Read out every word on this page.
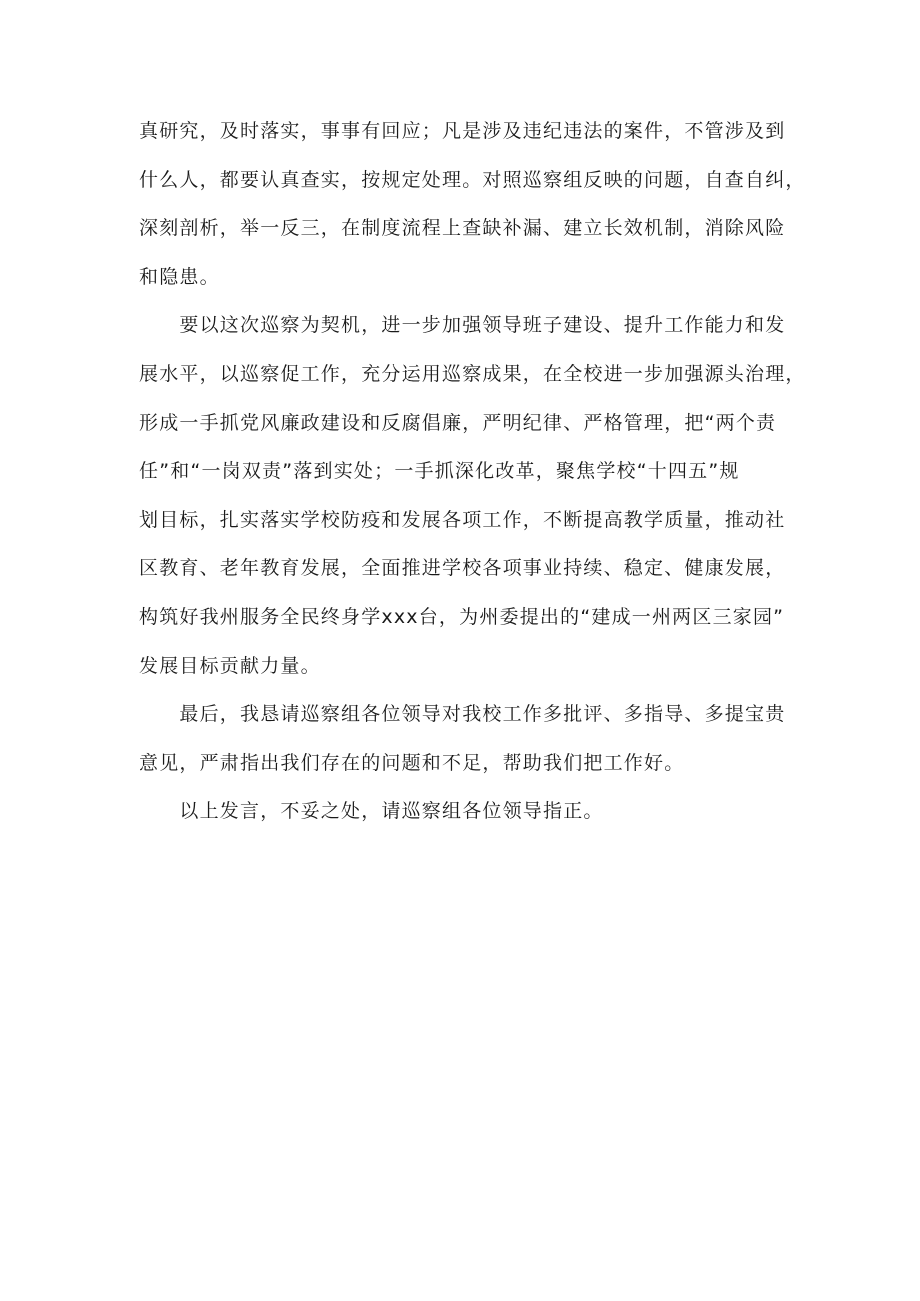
真研究，及时落实，事事有回应；凡是涉及违纪违法的案件，不管涉及到
什么人，都要认真查实，按规定处理。对照巡察组反映的问题，自查自纠，
深刻剖析，举一反三，在制度流程上查缺补漏、建立长效机制，消除风险
和隐患。
　　要以这次巡察为契机，进一步加强领导班子建设、提升工作能力和发
展水平，以巡察促工作，充分运用巡察成果，在全校进一步加强源头治理，
形成一手抓党风廉政建设和反腐倡廉，严明纪律、严格管理，把“两个责
任”和“一岗双责”落到实处；一手抓深化改革，聚焦学校“十四五”规
划目标，扎实落实学校防疫和发展各项工作，不断提高教学质量，推动社
区教育、老年教育发展，全面推进学校各项事业持续、稳定、健康发展，
构筑好我州服务全民终身学xxx台，为州委提出的“建成一州两区三家园”
发展目标贡献力量。
　　最后，我恳请巡察组各位领导对我校工作多批评、多指导、多提宝贵
意见，严肃指出我们存在的问题和不足，帮助我们把工作好。
　　以上发言，不妥之处，请巡察组各位领导指正。
